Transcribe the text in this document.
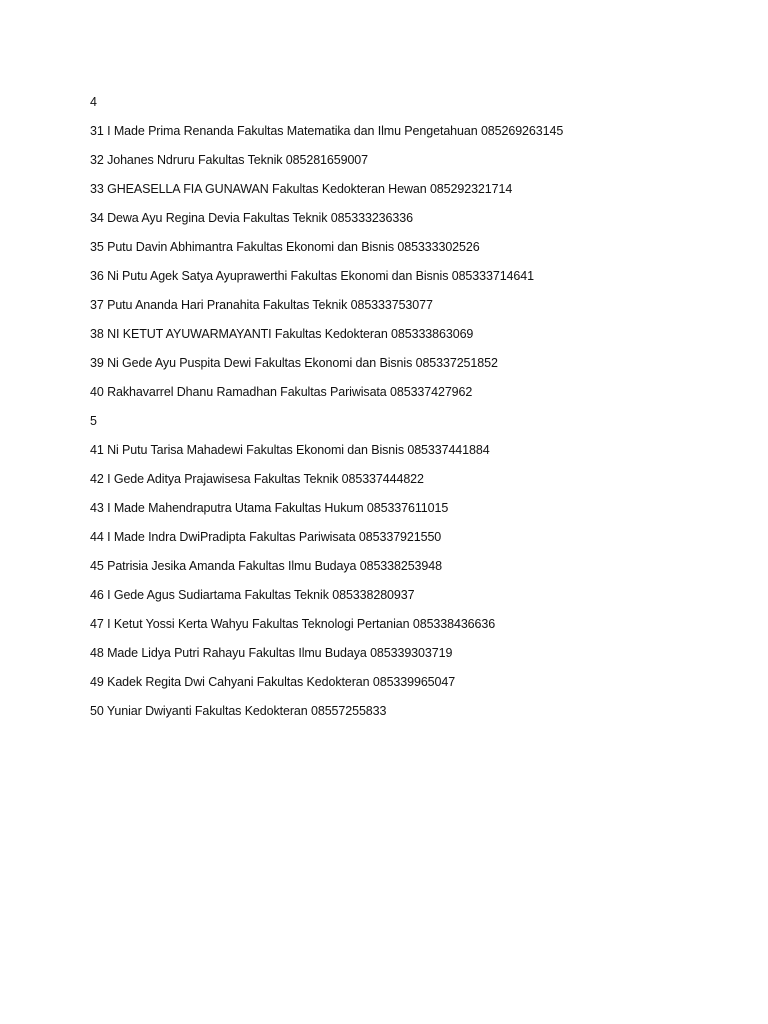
4
31 I Made Prima Renanda Fakultas Matematika dan Ilmu Pengetahuan 085269263145
32 Johanes Ndruru Fakultas Teknik 085281659007
33 GHEASELLA FIA GUNAWAN Fakultas Kedokteran Hewan 085292321714
34 Dewa Ayu Regina Devia Fakultas Teknik 085333236336
35 Putu Davin Abhimantra Fakultas Ekonomi dan Bisnis 085333302526
36 Ni Putu Agek Satya Ayuprawerthi Fakultas Ekonomi dan Bisnis 085333714641
37 Putu Ananda Hari Pranahita Fakultas Teknik 085333753077
38 NI KETUT AYUWARMAYANTI Fakultas Kedokteran 085333863069
39 Ni Gede Ayu Puspita Dewi Fakultas Ekonomi dan Bisnis 085337251852
40 Rakhavarrel Dhanu Ramadhan Fakultas Pariwisata 085337427962
5
41 Ni Putu Tarisa Mahadewi Fakultas Ekonomi dan Bisnis 085337441884
42 I Gede Aditya Prajawisesa Fakultas Teknik 085337444822
43 I Made Mahendraputra Utama Fakultas Hukum 085337611015
44 I Made Indra DwiPradipta Fakultas Pariwisata 085337921550
45 Patrisia Jesika Amanda Fakultas Ilmu Budaya 085338253948
46 I Gede Agus Sudiartama Fakultas Teknik 085338280937
47 I Ketut Yossi Kerta Wahyu Fakultas Teknologi Pertanian 085338436636
48 Made Lidya Putri Rahayu Fakultas Ilmu Budaya 085339303719
49 Kadek Regita Dwi Cahyani Fakultas Kedokteran 085339965047
50 Yuniar Dwiyanti Fakultas Kedokteran 08557255833
